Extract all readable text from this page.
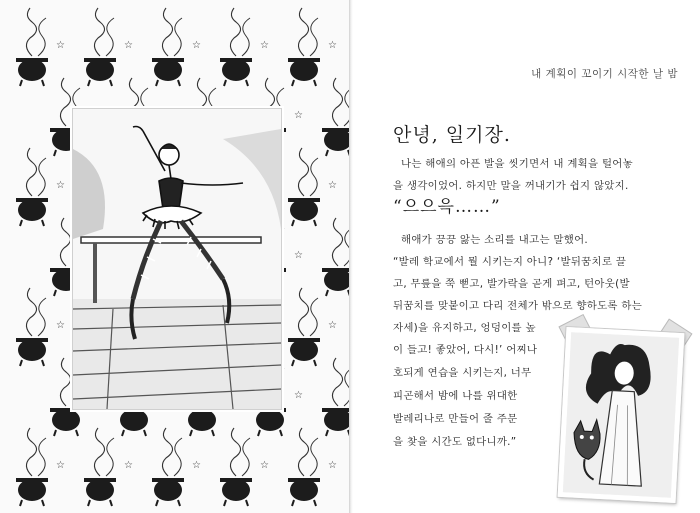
☆	☆	☆	☆	☆
☆
☆	☆
☆
☆	☆
☆
☆	☆	☆	☆	☆
내 계획이 꼬이기 시작한 날 밤
안녕, 일기장.
나는 해애의 아픈 발을 씻기면서 내 계획을 털어놓
을 생각이었어. 하지만 말을 꺼내기가 쉽지 않았지.
“으으윽……”
해애가 끙끙 앓는 소리를 내고는 말했어.
“발레 학교에서 뭘 시키는지 아니? ‘발뒤꿈치로 끌
고, 무릎을 쭉 뻗고, 발가락을 곧게 펴고, 턴아웃(발
뒤꿈치를 맞붙이고 다리 전체가 밖으로 향하도록 하는
자세)을 유지하고, 엉덩이를 높
이 들고! 좋았어, 다시!’ 어찌나
호되게 연습을 시키는지, 너무
피곤해서 밤에 나를 위대한
발레리나로 만들어 줄 주문
을 찾을 시간도 없다니까.”
